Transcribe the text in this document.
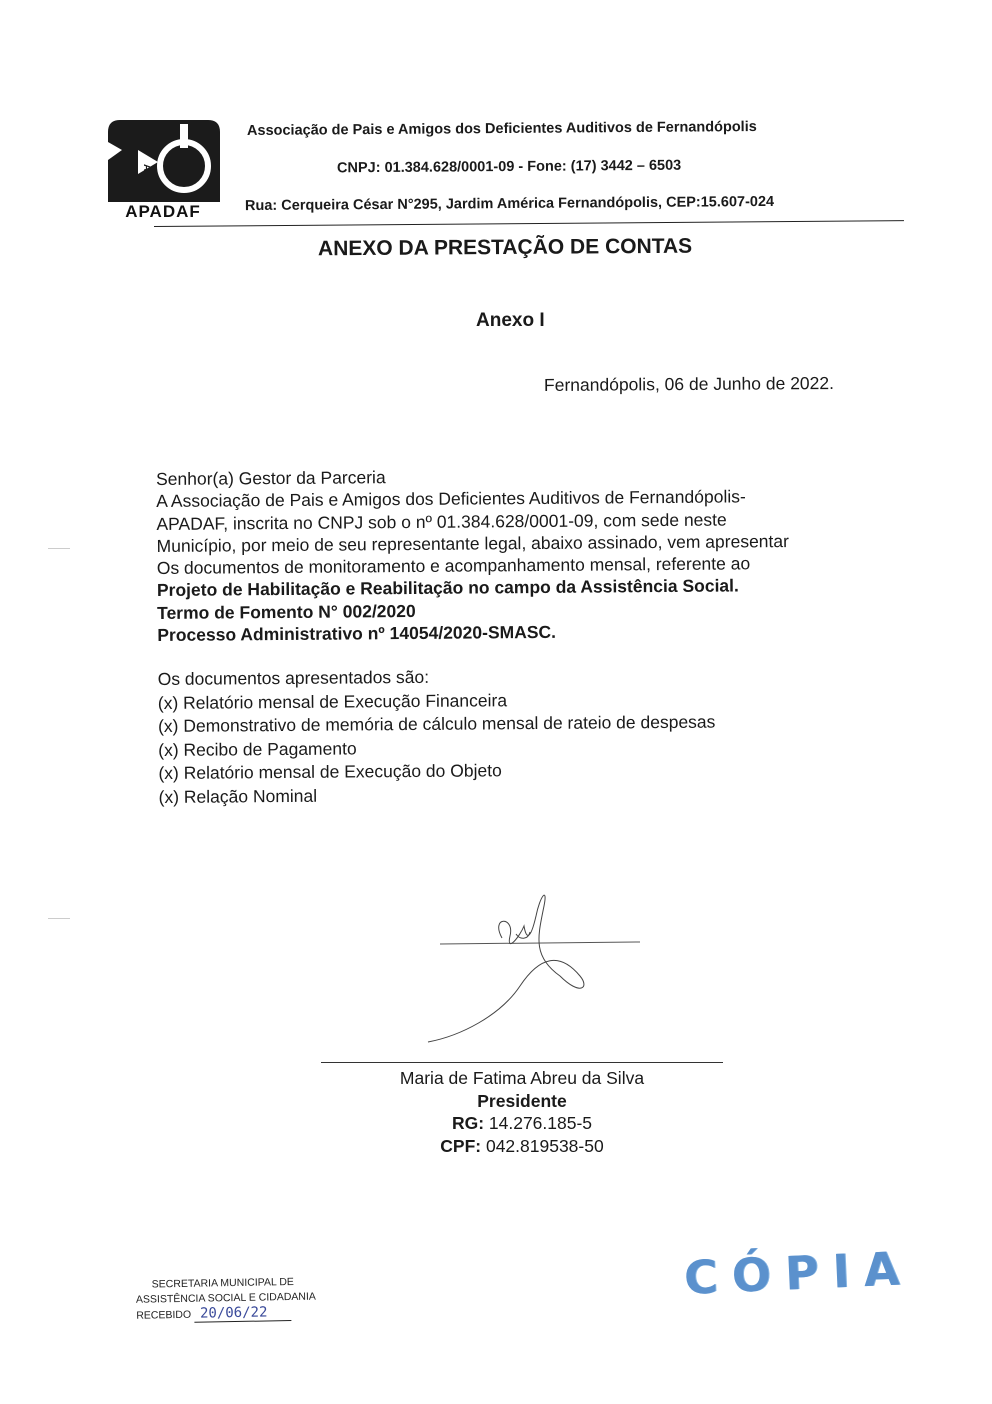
A
APADAF
Associação de Pais e Amigos dos Deficientes Auditivos de Fernandópolis
CNPJ: 01.384.628/0001-09 - Fone: (17) 3442 – 6503
Rua: Cerqueira César N°295, Jardim América Fernandópolis, CEP:15.607-024
ANEXO DA PRESTAÇÃO DE CONTAS
Anexo I
Fernandópolis, 06 de Junho de 2022.
Senhor(a) Gestor da Parceria
A Associação de Pais e Amigos dos Deficientes Auditivos de Fernandópolis-
APADAF, inscrita no CNPJ sob o nº 01.384.628/0001-09, com sede neste
Município, por meio de seu representante legal, abaixo assinado, vem apresentar
Os documentos de monitoramento e acompanhamento mensal, referente ao
Projeto de Habilitação e Reabilitação no campo da Assistência Social.
Termo de Fomento N° 002/2020
Processo Administrativo nº 14054/2020-SMASC.
Os documentos apresentados são:
(x) Relatório mensal de Execução Financeira
(x) Demonstrativo de memória de cálculo mensal de rateio de despesas
(x) Recibo de Pagamento
(x) Relatório mensal de Execução do Objeto
(x) Relação Nominal
Maria de Fatima Abreu da Silva
Presidente
RG: 14.276.185-5
CPF: 042.819538-50
SECRETARIA MUNICIPAL DE
ASSISTÊNCIA SOCIAL E CIDADANIA
RECEBIDO 20/06/22
CÓPIA
